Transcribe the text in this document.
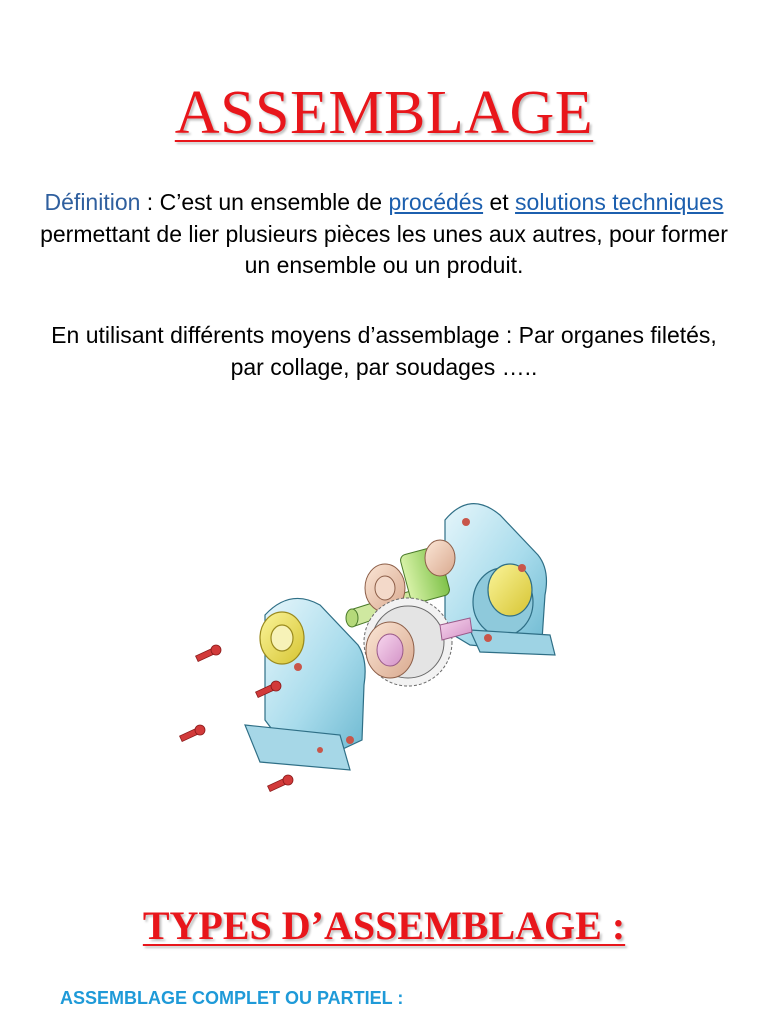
ASSEMBLAGE
Définition : C’est un ensemble de procédés et solutions techniques permettant de lier plusieurs pièces les unes aux autres, pour former un ensemble ou un produit.
En utilisant différents moyens d’assemblage : Par organes filetés, par collage, par soudages …..
TYPES D’ASSEMBLAGE :
ASSEMBLAGE COMPLET OU PARTIEL :
